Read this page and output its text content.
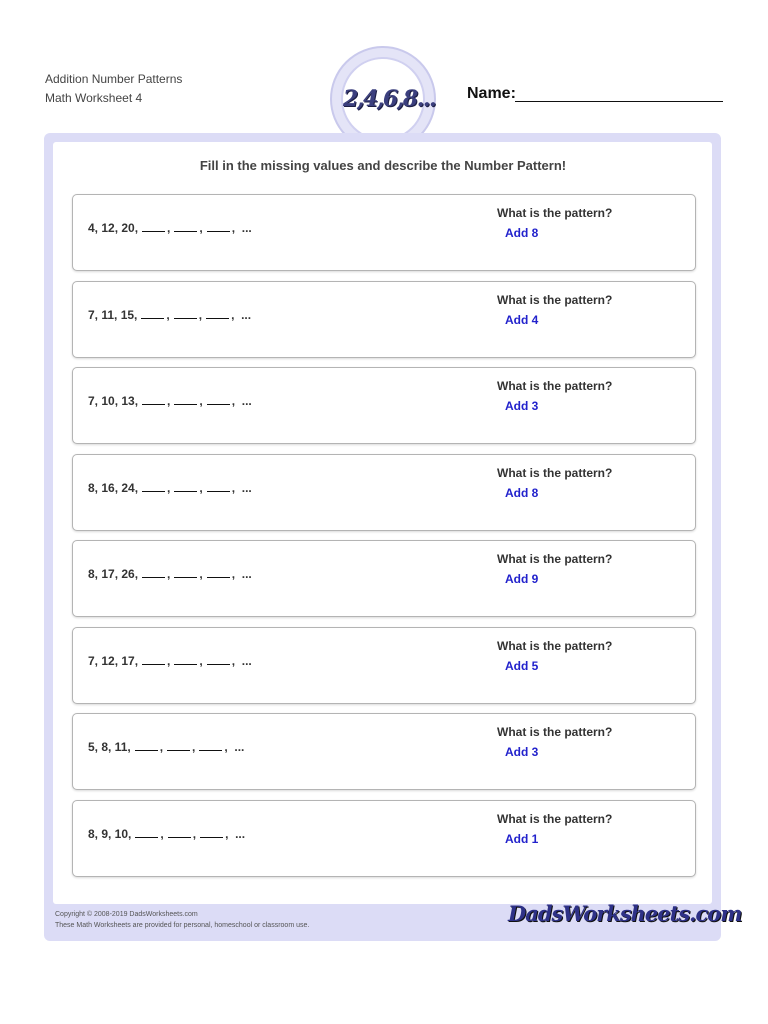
Addition Number Patterns
Math Worksheet 4	2,4,6,8... Name:
Fill in the missing values and describe the Number Pattern!
4, 12, 20, , , ,  ...
What is the pattern?
Add 8
7, 11, 15, , , ,  ...
What is the pattern?
Add 4
7, 10, 13, , , ,  ...
What is the pattern?
Add 3
8, 16, 24, , , ,  ...
What is the pattern?
Add 8
8, 17, 26, , , ,  ...
What is the pattern?
Add 9
7, 12, 17, , , ,  ...
What is the pattern?
Add 5
5, 8, 11, , , ,  ...
What is the pattern?
Add 3
8, 9, 10, , , ,  ...
What is the pattern?
Add 1
Copyright © 2008-2019 DadsWorksheets.com
These Math Worksheets are provided for personal, homeschool or classroom use.	DadsWorksheets.com
